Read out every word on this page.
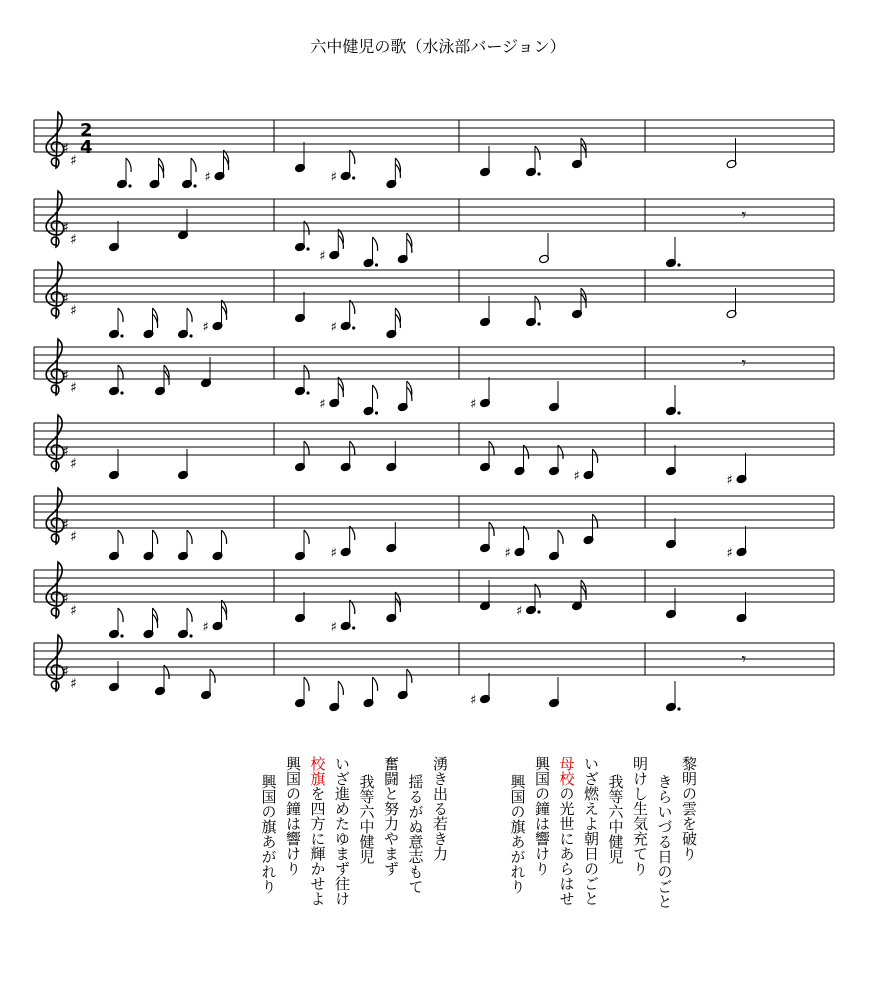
六中健児の歌（水泳部バージョン）
♯
♯
2
4
♯	♯
♯
♯
♯
𝄾
♯
♯
♯	♯
♯
♯
♯	♯
𝄾
♯
♯
♯	♯
♯
♯
♯	♯	♯
♯
♯
♯	♯
♯
♯
♯
♯
𝄾
黎明の雲を破り
きらいづる日のごと
明けし生気充てり
我等六中健児
いざ燃えよ朝日のごと
母校の光世にあらはせ
興国の鐘は響けり
興国の旗あがれり
湧き出る若き力
揺るがぬ意志もて
奮闘と努力やまず
我等六中健児
いざ進めたゆまず往け
校旗を四方に輝かせよ
興国の鐘は響けり
興国の旗あがれり
